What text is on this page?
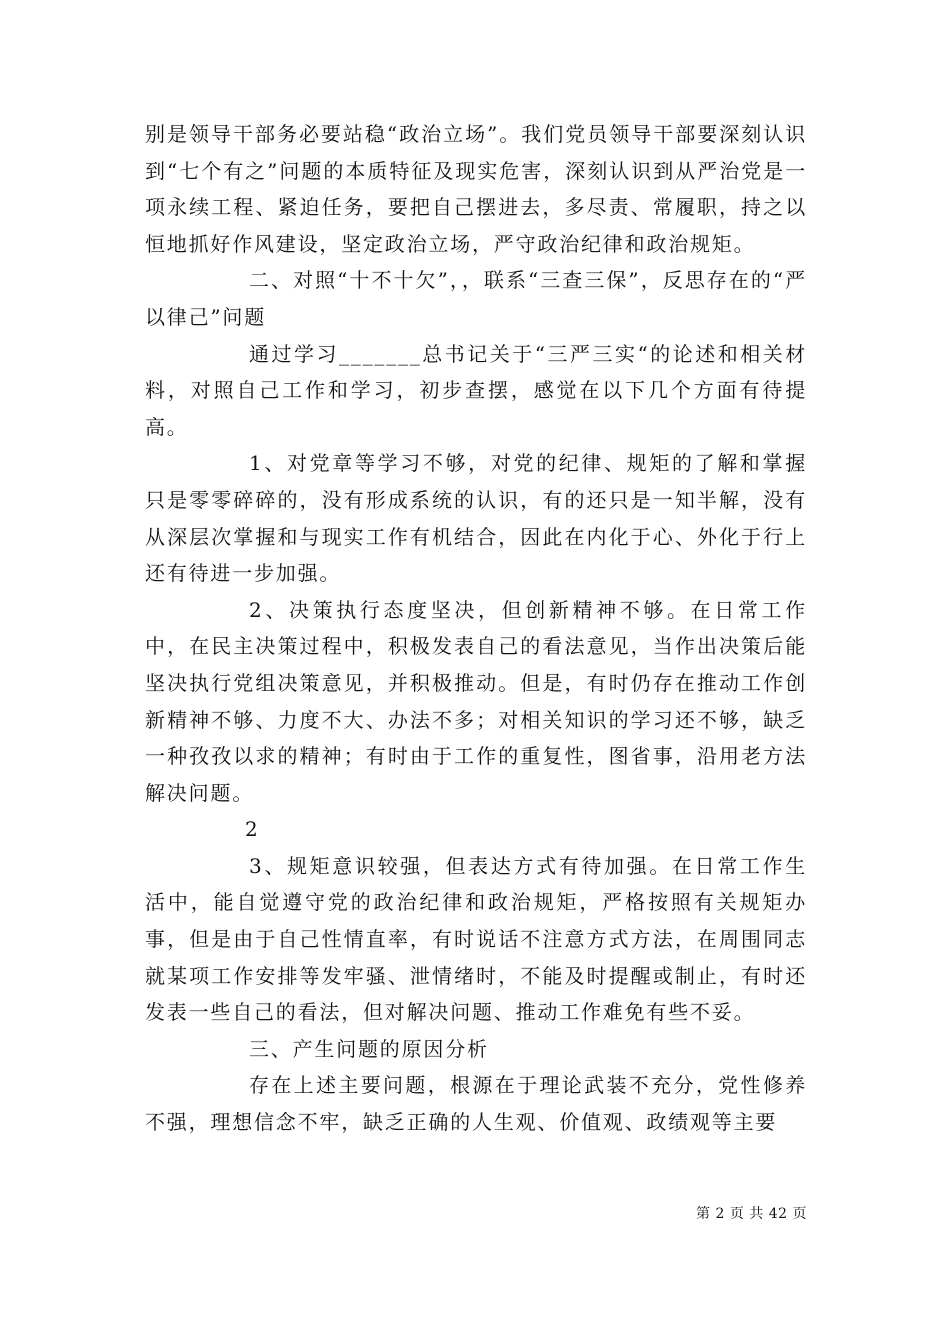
别是领导干部务必要站稳“政治立场”。我们党员领导干部要深刻认识到“七个有之”问题的本质特征及现实危害，深刻认识到从严治党是一项永续工程、紧迫任务，要把自己摆进去，多尽责、常履职，持之以恒地抓好作风建设，坚定政治立场，严守政治纪律和政治规矩。

二、对照“十不十欠”，，联系“三查三保”，反思存在的“严以律己”问题

通过学习_______总书记关于“三严三实“的论述和相关材料，对照自己工作和学习，初步查摆，感觉在以下几个方面有待提高。

1、对党章等学习不够，对党的纪律、规矩的了解和掌握只是零零碎碎的，没有形成系统的认识，有的还只是一知半解，没有从深层次掌握和与现实工作有机结合，因此在内化于心、外化于行上还有待进一步加强。

2、决策执行态度坚决，但创新精神不够。在日常工作中，在民主决策过程中，积极发表自己的看法意见，当作出决策后能坚决执行党组决策意见，并积极推动。但是，有时仍存在推动工作创新精神不够、力度不大、办法不多；对相关知识的学习还不够，缺乏一种孜孜以求的精神；有时由于工作的重复性，图省事，沿用老方法解决问题。

2

3、规矩意识较强，但表达方式有待加强。在日常工作生活中，能自觉遵守党的政治纪律和政治规矩，严格按照有关规矩办事，但是由于自己性情直率，有时说话不注意方式方法，在周围同志就某项工作安排等发牢骚、泄情绪时，不能及时提醒或制止，有时还发表一些自己的看法，但对解决问题、推动工作难免有些不妥。

三、产生问题的原因分析

存在上述主要问题，根源在于理论武装不充分，党性修养不强，理想信念不牢，缺乏正确的人生观、价值观、政绩观等主要

第 2 页 共 42 页
